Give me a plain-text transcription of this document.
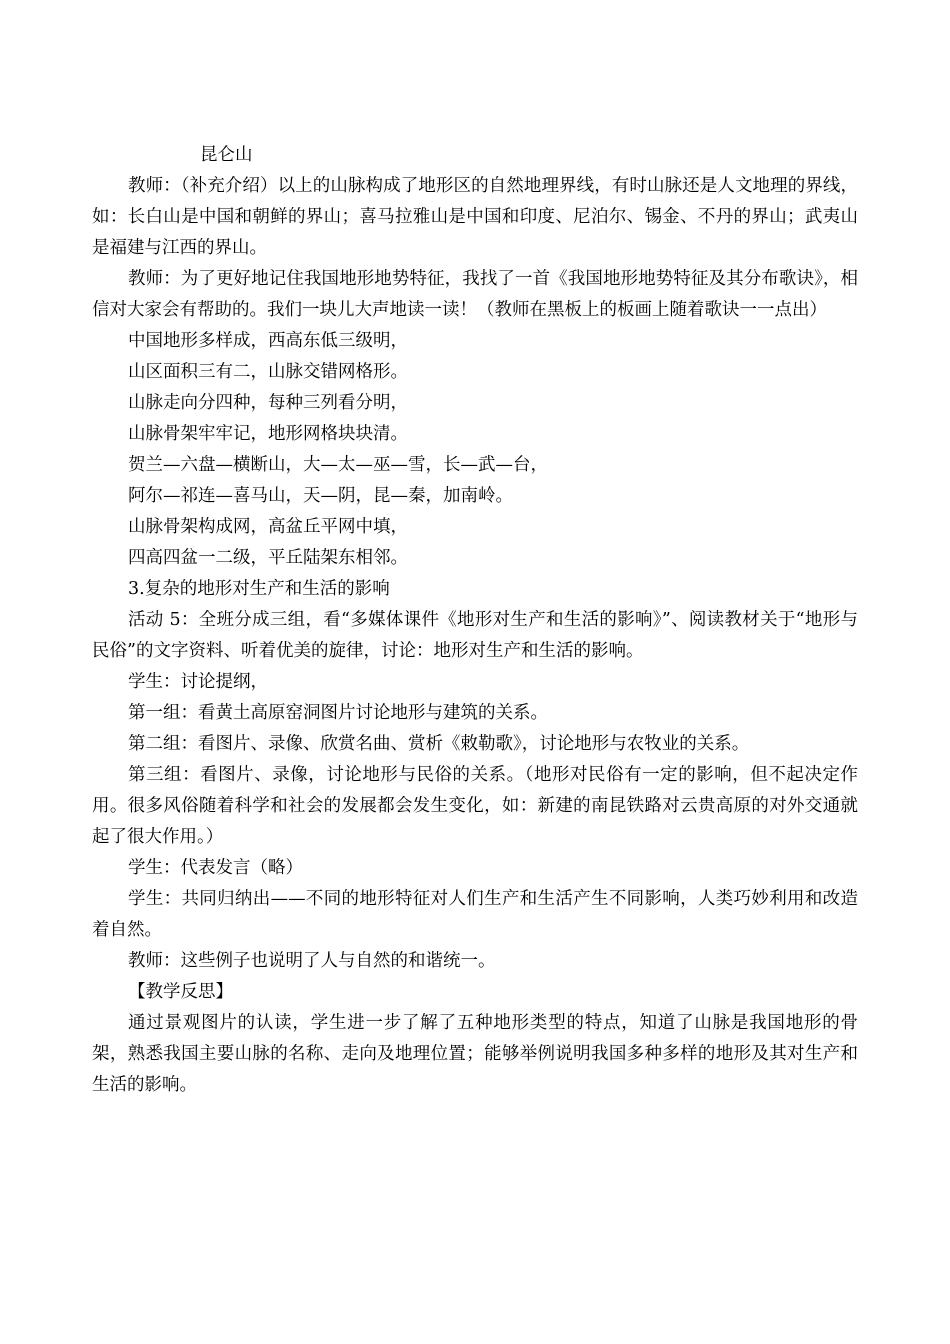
昆仑山

教师：（补充介绍）以上的山脉构成了地形区的自然地理界线，有时山脉还是人文地理的界线，如：长白山是中国和朝鲜的界山；喜马拉雅山是中国和印度、尼泊尔、锡金、不丹的界山；武夷山是福建与江西的界山。

教师：为了更好地记住我国地形地势特征，我找了一首《我国地形地势特征及其分布歌诀》，相信对大家会有帮助的。我们一块儿大声地读一读！（教师在黑板上的板画上随着歌诀一一点出）

中国地形多样成，西高东低三级明，

山区面积三有二，山脉交错网格形。

山脉走向分四种，每种三列看分明，

山脉骨架牢牢记，地形网格块块清。

贺兰—六盘—横断山，大—太—巫—雪，长—武—台，

阿尔—祁连—喜马山，天—阴，昆—秦，加南岭。

山脉骨架构成网，高盆丘平网中填，

四高四盆一二级，平丘陆架东相邻。

3.复杂的地形对生产和生活的影响

活动 5：全班分成三组，看“多媒体课件《地形对生产和生活的影响》”、阅读教材关于“地形与民俗”的文字资料、听着优美的旋律，讨论：地形对生产和生活的影响。

学生：讨论提纲，

第一组：看黄土高原窑洞图片讨论地形与建筑的关系。

第二组：看图片、录像、欣赏名曲、赏析《敕勒歌》，讨论地形与农牧业的关系。

第三组：看图片、录像，讨论地形与民俗的关系。（地形对民俗有一定的影响，但不起决定作用。很多风俗随着科学和社会的发展都会发生变化，如：新建的南昆铁路对云贵高原的对外交通就起了很大作用。）

学生：代表发言（略）

学生：共同归纳出——不同的地形特征对人们生产和生活产生不同影响，人类巧妙利用和改造着自然。

教师：这些例子也说明了人与自然的和谐统一。

【教学反思】

通过景观图片的认读，学生进一步了解了五种地形类型的特点，知道了山脉是我国地形的骨架，熟悉我国主要山脉的名称、走向及地理位置；能够举例说明我国多种多样的地形及其对生产和生活的影响。
